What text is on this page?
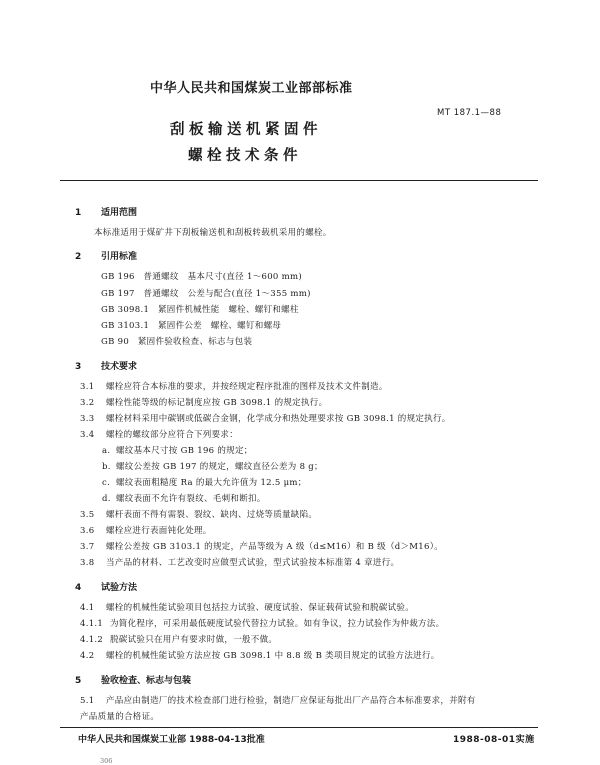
中华人民共和国煤炭工业部部标准
MT 187.1—88
刮板输送机紧固件
螺栓技术条件
1 适用范围
本标准适用于煤矿井下刮板输送机和刮板转载机采用的螺栓。
2 引用标准
GB 196　普通螺纹　基本尺寸(直径 1～600 mm)
GB 197　普通螺纹　公差与配合(直径 1～355 mm)
GB 3098.1　紧固件机械性能　螺栓、螺钉和螺柱
GB 3103.1　紧固件公差　螺栓、螺钉和螺母
GB 90　紧固件验收检查、标志与包装
3 技术要求
3.1 螺栓应符合本标准的要求，并按经规定程序批准的图样及技术文件制造。
3.2 螺栓性能等级的标记制度应按 GB 3098.1 的规定执行。
3.3 螺栓材料采用中碳钢或低碳合金钢，化学成分和热处理要求按 GB 3098.1 的规定执行。
3.4 螺栓的螺纹部分应符合下列要求：
a. 螺纹基本尺寸按 GB 196 的规定；
b. 螺纹公差按 GB 197 的规定，螺纹直径公差为 8 g；
c. 螺纹表面粗糙度 Ra 的最大允许值为 12.5 μm；
d. 螺纹表面不允许有裂纹、毛刺和断扣。
3.5 螺杆表面不得有需裂、裂纹、缺肉、过烧等质量缺陷。
3.6 螺栓应进行表面钝化处理。
3.7 螺栓公差按 GB 3103.1 的规定，产品等级为 A 级（d≤M16）和 B 级（d＞M16）。
3.8 当产品的材料、工艺改变时应做型式试验，型式试验按本标准第 4 章进行。
4 试验方法
4.1 螺栓的机械性能试验项目包括拉力试验、硬度试验、保证载荷试验和脱碳试验。
4.1.1 为简化程序，可采用最低硬度试验代替拉力试验。如有争议，拉力试验作为仲裁方法。
4.1.2 脱碳试验只在用户有要求时做，一般不做。
4.2 螺栓的机械性能试验方法应按 GB 3098.1 中 8.8 级 B 类项目规定的试验方法进行。
5 验收检查、标志与包装
5.1 产品应由制造厂的技术检查部门进行检验，制造厂应保证每批出厂产品符合本标准要求，并附有
产品质量的合格证。
中华人民共和国煤炭工业部 1988-04-13批准	1988-08-01实施
306
